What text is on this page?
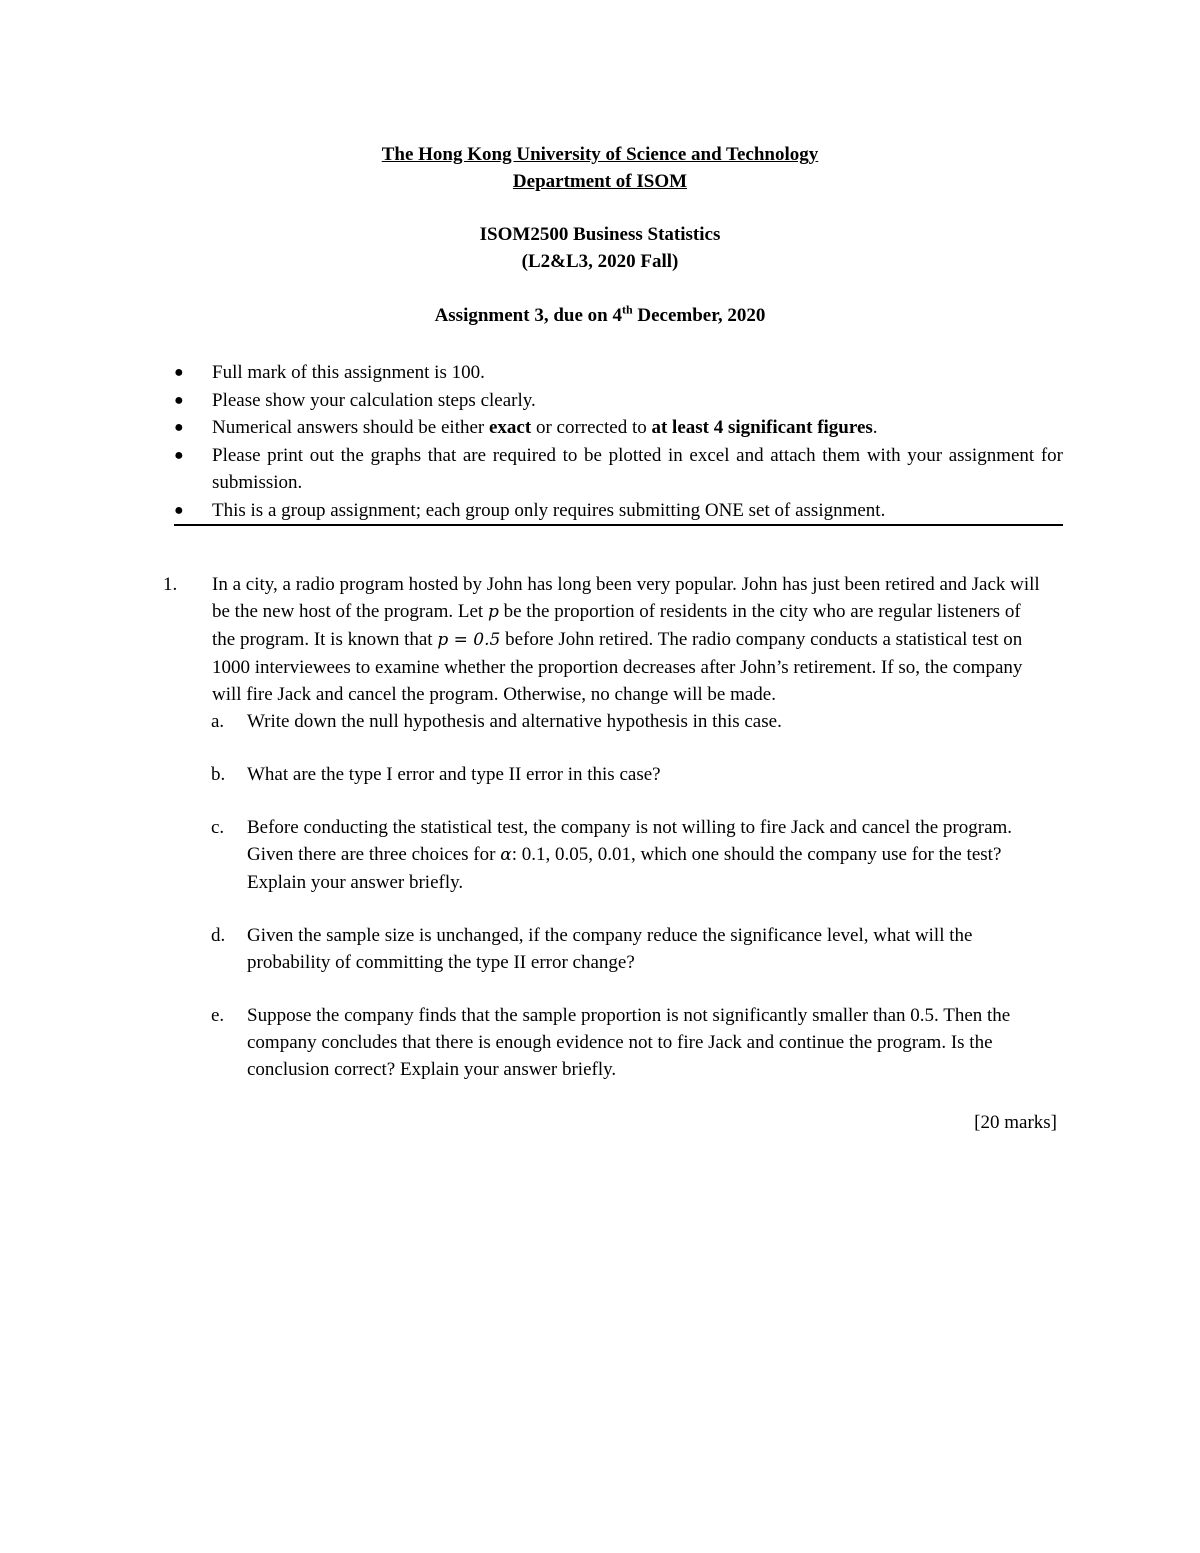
The Hong Kong University of Science and Technology
Department of ISOM
ISOM2500 Business Statistics
(L2&L3, 2020 Fall)
Assignment 3, due on 4th December, 2020
● Full mark of this assignment is 100.
● Please show your calculation steps clearly.
● Numerical answers should be either exact or corrected to at least 4 significant figures.
● Please print out the graphs that are required to be plotted in excel and attach them with your assignment for submission.
● This is a group assignment; each group only requires submitting ONE set of assignment.
1. In a city, a radio program hosted by John has long been very popular. John has just been retired and Jack will be the new host of the program. Let p be the proportion of residents in the city who are regular listeners of the program. It is known that p = 0.5 before John retired. The radio company conducts a statistical test on 1000 interviewees to examine whether the proportion decreases after John’s retirement. If so, the company will fire Jack and cancel the program. Otherwise, no change will be made.
a. Write down the null hypothesis and alternative hypothesis in this case.
b. What are the type I error and type II error in this case?
c. Before conducting the statistical test, the company is not willing to fire Jack and cancel the program. Given there are three choices for α: 0.1, 0.05, 0.01, which one should the company use for the test? Explain your answer briefly.
d. Given the sample size is unchanged, if the company reduce the significance level, what will the probability of committing the type II error change?
e. Suppose the company finds that the sample proportion is not significantly smaller than 0.5. Then the company concludes that there is enough evidence not to fire Jack and continue the program. Is the conclusion correct? Explain your answer briefly.
[20 marks]
